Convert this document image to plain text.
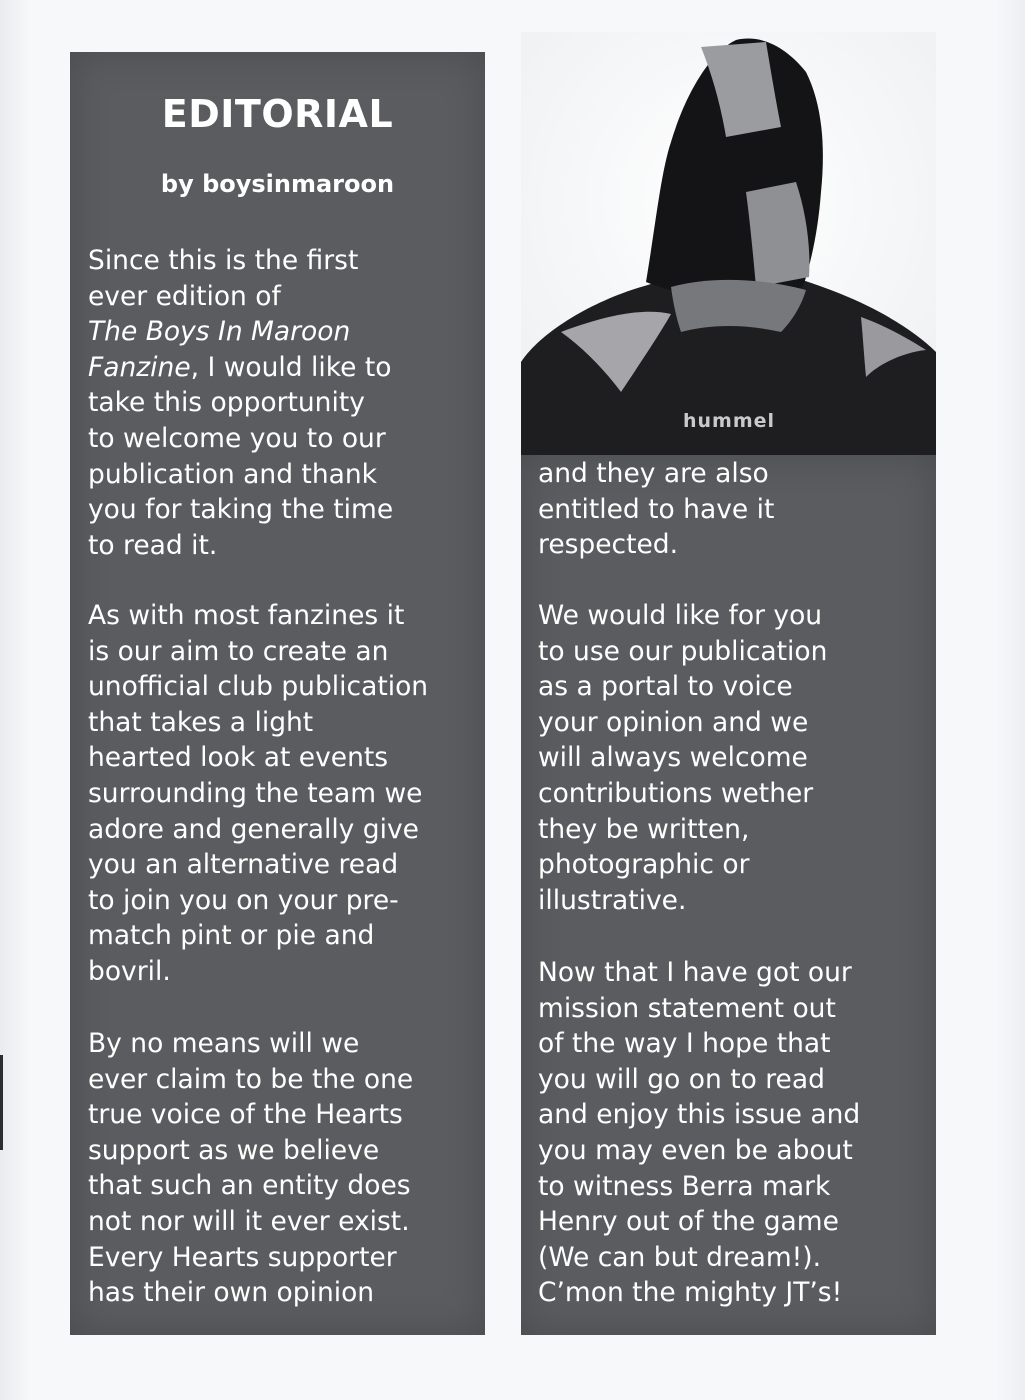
EDITORIAL
by boysinmaroon

Since this is the first
ever edition of
The Boys In Maroon
Fanzine, I would like to
take this opportunity
to welcome you to our
publication and thank
you for taking the time
to read it.

As with most fanzines it
is our aim to create an
unofficial club publication
that takes a light
hearted look at events
surrounding the team we
adore and generally give
you an alternative read
to join you on your pre-
match pint or pie and
bovril.

By no means will we
ever claim to be the one
true voice of the Hearts
support as we believe
that such an entity does
not nor will it ever exist.
Every Hearts supporter
has their own opinion

hummel

and they are also
entitled to have it
respected.

We would like for you
to use our publication
as a portal to voice
your opinion and we
will always welcome
contributions wether
they be written,
photographic or
illustrative.

Now that I have got our
mission statement out
of the way I hope that
you will go on to read
and enjoy this issue and
you may even be about
to witness Berra mark
Henry out of the game
(We can but dream!).
C’mon the mighty JT’s!
